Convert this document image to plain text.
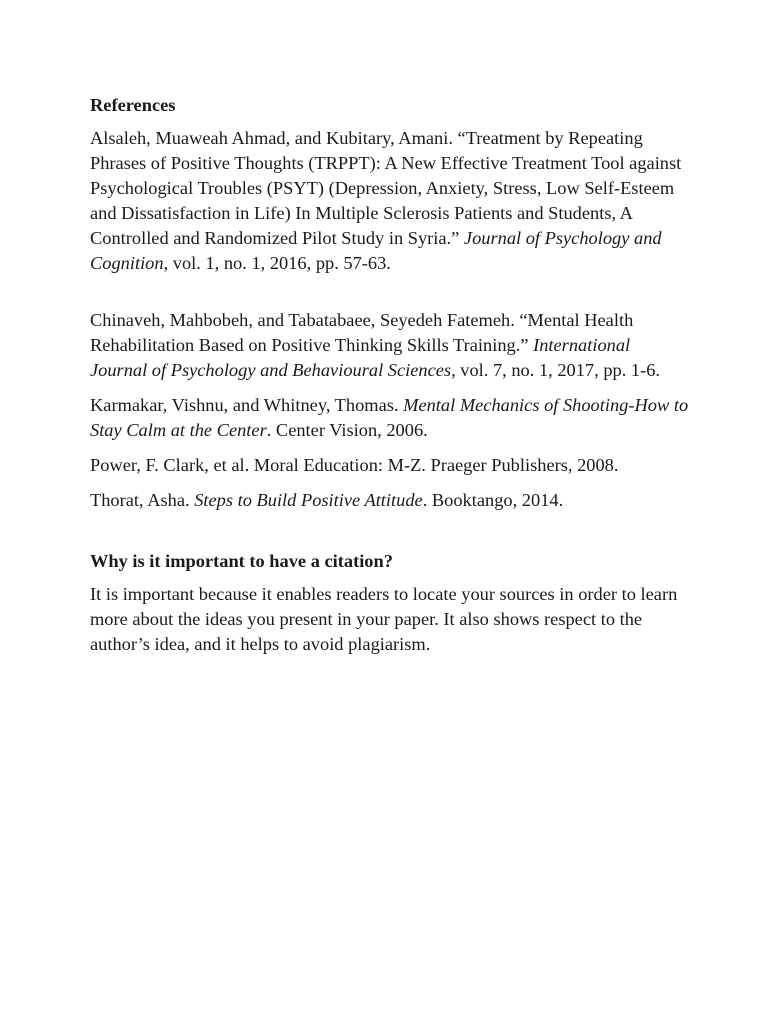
References

Alsaleh, Muaweah Ahmad, and Kubitary, Amani. “Treatment by Repeating Phrases of Positive Thoughts (TRPPT): A New Effective Treatment Tool against Psychological Troubles (PSYT) (Depression, Anxiety, Stress, Low Self-Esteem and Dissatisfaction in Life) In Multiple Sclerosis Patients and Students, A Controlled and Randomized Pilot Study in Syria.” Journal of Psychology and Cognition, vol. 1, no. 1, 2016, pp. 57-63.

Chinaveh, Mahbobeh, and Tabatabaee, Seyedeh Fatemeh. “Mental Health Rehabilitation Based on Positive Thinking Skills Training.” International Journal of Psychology and Behavioural Sciences, vol. 7, no. 1, 2017, pp. 1-6.

Karmakar, Vishnu, and Whitney, Thomas. Mental Mechanics of Shooting-How to Stay Calm at the Center. Center Vision, 2006.

Power, F. Clark, et al. Moral Education: M-Z. Praeger Publishers, 2008.

Thorat, Asha. Steps to Build Positive Attitude. Booktango, 2014.

Why is it important to have a citation?

It is important because it enables readers to locate your sources in order to learn more about the ideas you present in your paper. It also shows respect to the author’s idea, and it helps to avoid plagiarism.
